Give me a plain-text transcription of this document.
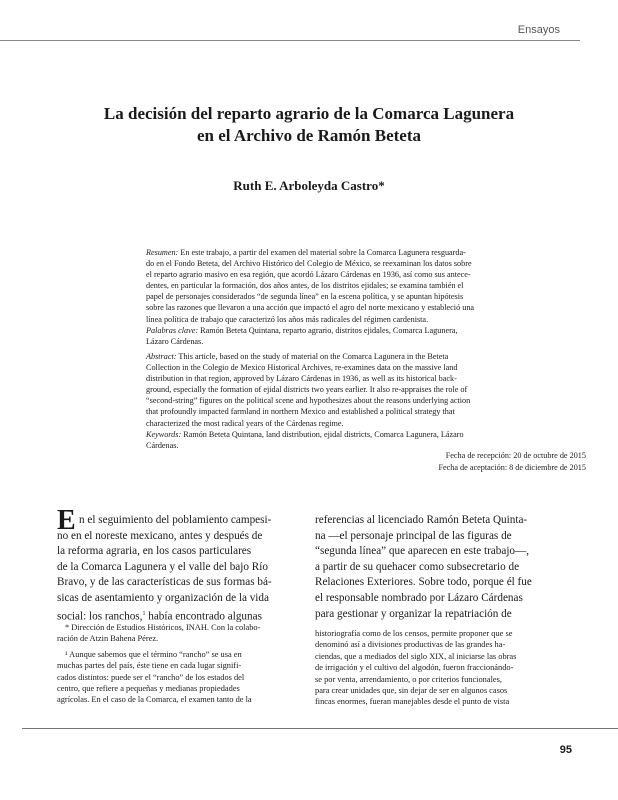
Ensayos
La decisión del reparto agrario de la Comarca Lagunera
en el Archivo de Ramón Beteta
Ruth E. Arboleyda Castro*
Resumen: En este trabajo, a partir del examen del material sobre la Comarca Lagunera resguarda-
do en el Fondo Beteta, del Archivo Histórico del Colegio de México, se reexaminan los datos sobre
el reparto agrario masivo en esa región, que acordó Lázaro Cárdenas en 1936, así como sus antece-
dentes, en particular la formación, dos años antes, de los distritos ejidales; se examina también el
papel de personajes considerados “de segunda línea” en la escena política, y se apuntan hipótesis
sobre las razones que llevaron a una acción que impactó el agro del norte mexicano y estableció una
línea política de trabajo que caracterizó los años más radicales del régimen cardenista.
Palabras clave: Ramón Beteta Quintana, reparto agrario, distritos ejidales, Comarca Lagunera,
Lázaro Cárdenas.
Abstract: This article, based on the study of material on the Comarca Lagunera in the Beteta
Collection in the Colegio de Mexico Historical Archives, re-examines data on the massive land
distribution in that region, approved by Lázaro Cárdenas in 1936, as well as its historical back-
ground, especially the formation of ejidal districts two years earlier. It also re-appraises the role of
“second-string” figures on the political scene and hypothesizes about the reasons underlying action
that profoundly impacted farmland in northern Mexico and established a political strategy that
characterized the most radical years of the Cárdenas regime.
Keywords: Ramón Beteta Quintana, land distribution, ejidal districts, Comarca Lagunera, Lázaro
Cárdenas.
Fecha de recepción: 20 de octubre de 2015
Fecha de aceptación: 8 de diciembre de 2015
E n el seguimiento del poblamiento campesi-
no en el noreste mexicano, antes y después de
la reforma agraria, en los casos particulares
de la Comarca Lagunera y el valle del bajo Río
Bravo, y de las características de sus formas bá-
sicas de asentamiento y organización de la vida
social: los ranchos,$^1$ había encontrado algunas
referencias al licenciado Ramón Beteta Quinta-
na —el personaje principal de las figuras de
“segunda línea” que aparecen en este trabajo—,
a partir de su quehacer como subsecretario de
Relaciones Exteriores. Sobre todo, porque él fue
el responsable nombrado por Lázaro Cárdenas
para gestionar y organizar la repatriación de
* Dirección de Estudios Históricos, INAH. Con la colabo-
ración de Atzin Bahena Pérez.
¹ Aunque sabemos que el término “rancho” se usa en
muchas partes del país, éste tiene en cada lugar signifi-
cados distintos: puede ser el “rancho” de los estados del
centro, que refiere a pequeñas y medianas propiedades
agrícolas. En el caso de la Comarca, el examen tanto de la
historiografía como de los censos, permite proponer que se
denominó así a divisiones productivas de las grandes ha-
ciendas, que a mediados del siglo XIX, al iniciarse las obras
de irrigación y el cultivo del algodón, fueron fraccionándo-
se por venta, arrendamiento, o por criterios funcionales,
para crear unidades que, sin dejar de ser en algunos casos
fincas enormes, fueran manejables desde el punto de vista
95
